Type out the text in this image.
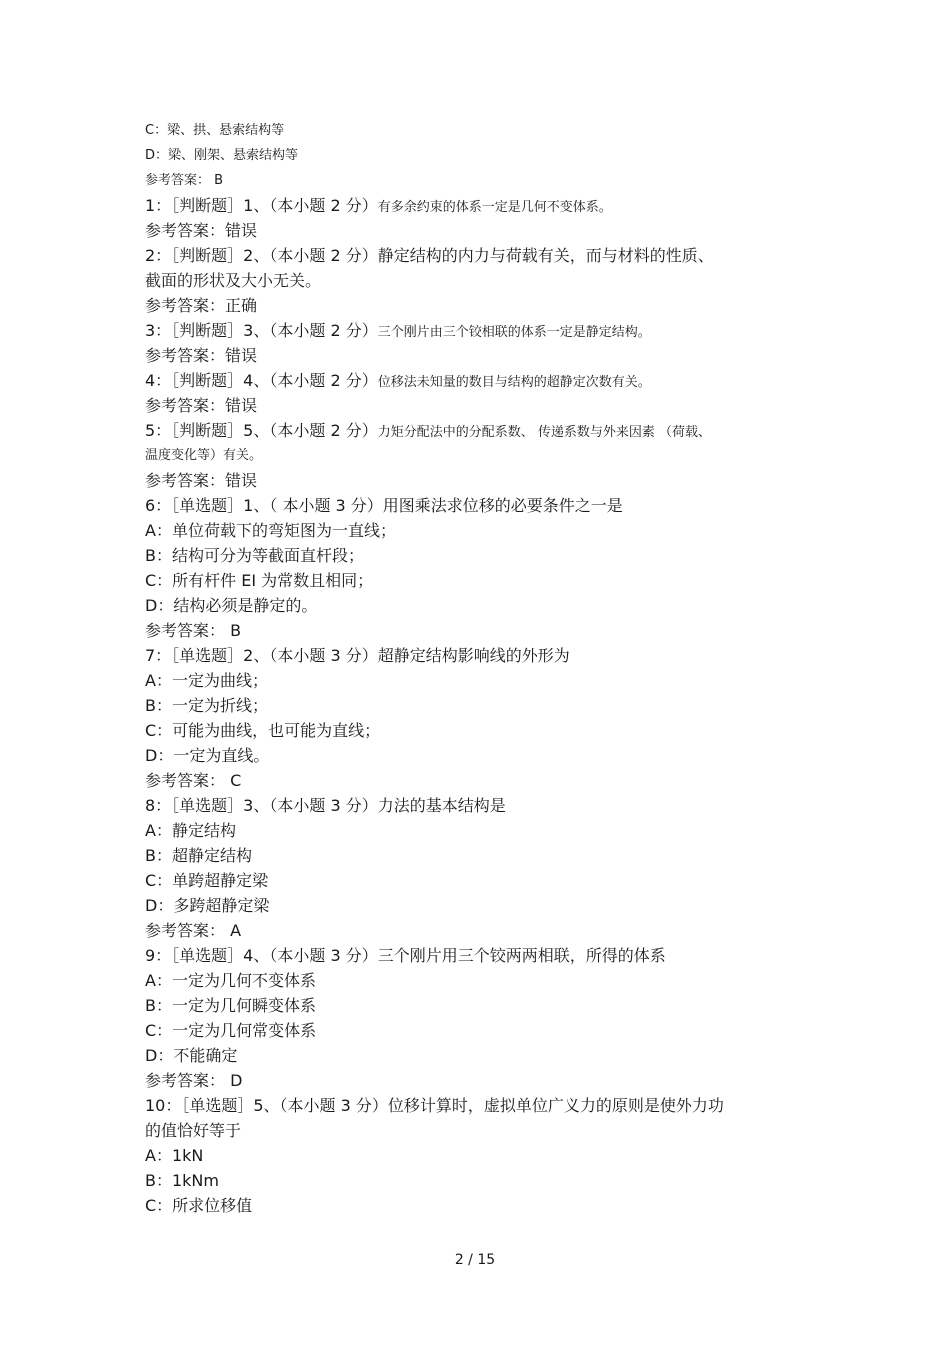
C：梁、拱、悬索结构等
D：梁、刚架、悬索结构等
参考答案： B
1：［判断题］1、（本小题 2 分）有多余约束的体系一定是几何不变体系。
参考答案：错误
2：［判断题］2、（本小题 2 分）静定结构的内力与荷载有关，而与材料的性质、
截面的形状及大小无关。
参考答案：正确
3：［判断题］3、（本小题 2 分）三个刚片由三个铰相联的体系一定是静定结构。
参考答案：错误
4：［判断题］4、（本小题 2 分）位移法未知量的数目与结构的超静定次数有关。
参考答案：错误
5：［判断题］5、（本小题 2 分）力矩分配法中的分配系数、 传递系数与外来因素 （荷载、
温度变化等）有关。
参考答案：错误
6：［单选题］1、（ 本小题 3 分）用图乘法求位移的必要条件之一是
A：单位荷载下的弯矩图为一直线；
B：结构可分为等截面直杆段；
C：所有杆件 EI 为常数且相同；
D：结构必须是静定的。
参考答案： B
7：［单选题］2、（本小题 3 分）超静定结构影响线的外形为
A：一定为曲线；
B：一定为折线；
C：可能为曲线，也可能为直线；
D：一定为直线。
参考答案： C
8：［单选题］3、（本小题 3 分）力法的基本结构是
A：静定结构
B：超静定结构
C：单跨超静定梁
D：多跨超静定梁
参考答案： A
9：［单选题］4、（本小题 3 分）三个刚片用三个铰两两相联，所得的体系
A：一定为几何不变体系
B：一定为几何瞬变体系
C：一定为几何常变体系
D：不能确定
参考答案： D
10：［单选题］5、（本小题 3 分）位移计算时，虚拟单位广义力的原则是使外力功
的值恰好等于
A：1kN
B：1kNm
C：所求位移值
2 / 15
